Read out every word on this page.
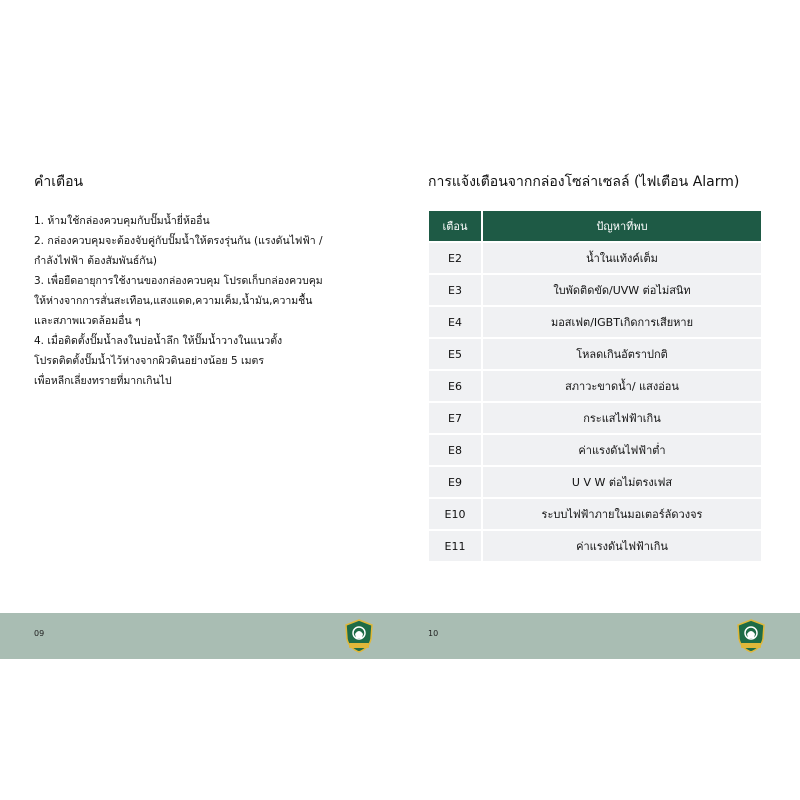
คำเตือน
1. ห้ามใช้กล่องควบคุมกับปั๊มน้ำยี่ห้ออื่น
2. กล่องควบคุมจะต้องจับคู่กับปั๊มน้ำให้ตรงรุ่นกัน (แรงดันไฟฟ้า /
กำลังไฟฟ้า ต้องสัมพันธ์กัน)
3. เพื่อยืดอายุการใช้งานของกล่องควบคุม โปรดเก็บกล่องควบคุม
ให้ห่างจากการสั่นสะเทือน,แสงแดด,ความเค็ม,น้ำมัน,ความชื้น
และสภาพแวดล้อมอื่น ๆ
4. เมื่อติดตั้งปั๊มน้ำลงในบ่อน้ำลึก ให้ปั๊มน้ำวางในแนวตั้ง
โปรดติดตั้งปั๊มน้ำไว้ห่างจากผิวดินอย่างน้อย 5 เมตร
เพื่อหลีกเลี่ยงทรายที่มากเกินไป
การแจ้งเตือนจากกล่องโซล่าเซลล์ (ไฟเตือน Alarm)
เตือน	ปัญหาที่พบ
E2	น้ำในแท้งค์เต็ม
E3	ใบพัดติดขัด/UVW ต่อไม่สนิท
E4	มอสเฟต/IGBTเกิดการเสียหาย
E5	โหลดเกินอัตราปกติ
E6	สภาวะขาดน้ำ/ แสงอ่อน
E7	กระแสไฟฟ้าเกิน
E8	ค่าแรงดันไฟฟ้าต่ำ
E9	U V W ต่อไม่ตรงเฟส
E10	ระบบไฟฟ้าภายในมอเตอร์ลัดวงจร
E11	ค่าแรงดันไฟฟ้าเกิน
09	10
